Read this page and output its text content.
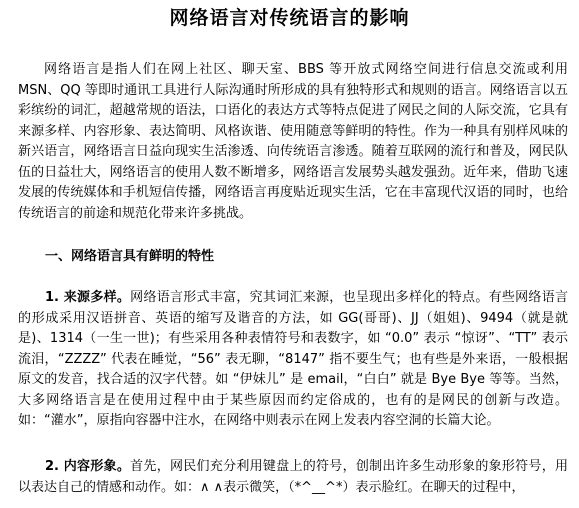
网络语言对传统语言的影响

网络语言是指人们在网上社区、聊天室、BBS 等开放式网络空间进行信息交流或利用 MSN、QQ 等即时通讯工具进行人际沟通时所形成的具有独特形式和规则的语言。网络语言以五彩缤纷的词汇，超越常规的语法，口语化的表达方式等特点促进了网民之间的人际交流，它具有来源多样、内容形象、表达简明、风格诙谐、使用随意等鲜明的特性。作为一种具有别样风味的新兴语言，网络语言日益向现实生活渗透、向传统语言渗透。随着互联网的流行和普及，网民队伍的日益壮大，网络语言的使用人数不断增多，网络语言发展势头越发强劲。近年来，借助飞速发展的传统媒体和手机短信传播，网络语言再度贴近现实生活，它在丰富现代汉语的同时，也给传统语言的前途和规范化带来许多挑战。

一、网络语言具有鲜明的特性

1. 来源多样。网络语言形式丰富，究其词汇来源，也呈现出多样化的特点。有些网络语言的形成采用汉语拼音、英语的缩写及谐音的方法，如 GG(哥哥)、JJ（姐姐)、9494（就是就是)、1314（一生一世)；有些采用各种表情符号和表数字，如 “0.0” 表示 “惊讶”、“TT” 表示流泪，“ZZZZ” 代表在睡觉，“56” 表无聊，“8147” 指不要生气；也有些是外来语，一般根据原文的发音，找合适的汉字代替。如 “伊妹儿” 是 email，“白白” 就是 Bye Bye 等等。当然，大多网络语言是在使用过程中由于某些原因而约定俗成的，也有的是网民的创新与改造。如：“灌水”，原指向容器中注水，在网络中则表示在网上发表内容空洞的长篇大论。

2. 内容形象。首先，网民们充分利用键盘上的符号，创制出许多生动形象的象形符号，用以表达自己的情感和动作。如：∧ ∧表示微笑，（*^__^*）表示脸红。在聊天的过程中，
